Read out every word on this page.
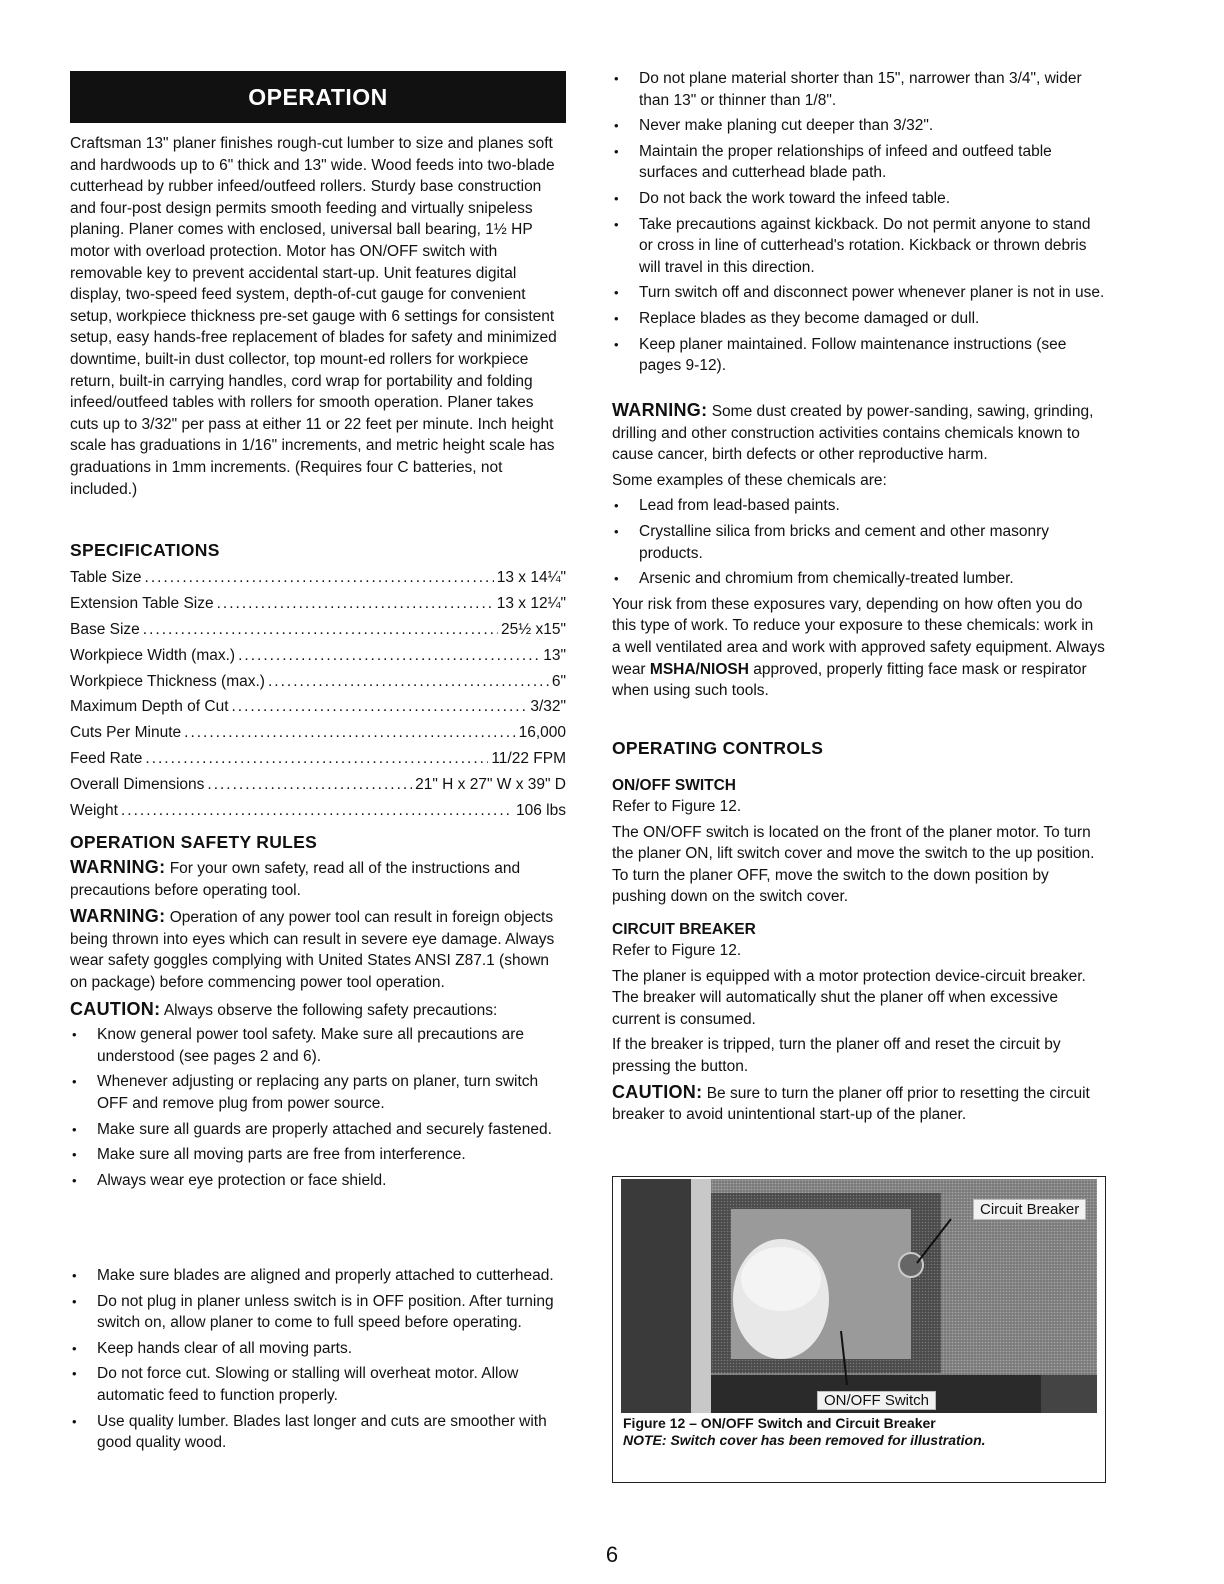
OPERATION

Craftsman 13" planer finishes rough-cut lumber to size and planes soft and hardwoods up to 6" thick and 13" wide. Wood feeds into two-blade cutterhead by rubber infeed/outfeed rollers. Sturdy base construction and four-post design permits smooth feeding and virtually snipeless planing. Planer comes with enclosed, universal ball bearing, 1½ HP motor with overload protection. Motor has ON/OFF switch with removable key to prevent accidental start-up. Unit features digital display, two-speed feed system, depth-of-cut gauge for convenient setup, workpiece thickness pre-set gauge with 6 settings for consistent setup, easy hands-free replacement of blades for safety and minimized downtime, built-in dust collector, top mount-ed rollers for workpiece return, built-in carrying handles, cord wrap for portability and folding infeed/outfeed tables with rollers for smooth operation. Planer takes cuts up to 3/32" per pass at either 11 or 22 feet per minute. Inch height scale has graduations in 1/16" increments, and metric height scale has graduations in 1mm increments. (Requires four C batteries, not included.)

SPECIFICATIONS
Table Size .....	13 x 14¼"
Extension Table Size .....	13 x 12¼"
Base Size .....	25½ x15"
Workpiece Width (max.) .....	13"
Workpiece Thickness (max.) .....	6"
Maximum Depth of Cut .....	3/32"
Cuts Per Minute .....	16,000
Feed Rate .....	11/22 FPM
Overall Dimensions .....	21" H x 27" W x 39" D
Weight .....	106 lbs
OPERATION SAFETY RULES

WARNING: For your own safety, read all of the instructions and precautions before operating tool.

WARNING: Operation of any power tool can result in foreign objects being thrown into eyes which can result in severe eye damage. Always wear safety goggles complying with United States ANSI Z87.1 (shown on package) before commencing power tool operation.

CAUTION: Always observe the following safety precautions:

• Know general power tool safety. Make sure all precautions are understood (see pages 2 and 6).
• Whenever adjusting or replacing any parts on planer, turn switch OFF and remove plug from power source.
• Make sure all guards are properly attached and securely fastened.
• Make sure all moving parts are free from interference.
• Always wear eye protection or face shield.
• Make sure blades are aligned and properly attached to cutterhead.
• Do not plug in planer unless switch is in OFF position. After turning switch on, allow planer to come to full speed before operating.
• Keep hands clear of all moving parts.
• Do not force cut. Slowing or stalling will overheat motor. Allow automatic feed to function properly.
• Use quality lumber. Blades last longer and cuts are smoother with good quality wood.
• Do not plane material shorter than 15", narrower than 3/4", wider than 13" or thinner than 1/8".
• Never make planing cut deeper than 3/32".
• Maintain the proper relationships of infeed and outfeed table surfaces and cutterhead blade path.
• Do not back the work toward the infeed table.
• Take precautions against kickback. Do not permit anyone to stand or cross in line of cutterhead's rotation. Kickback or thrown debris will travel in this direction.
• Turn switch off and disconnect power whenever planer is not in use.
• Replace blades as they become damaged or dull.
• Keep planer maintained. Follow maintenance instructions (see pages 9-12).

WARNING: Some dust created by power-sanding, sawing, grinding, drilling and other construction activities contains chemicals known to cause cancer, birth defects or other reproductive harm.

Some examples of these chemicals are:

• Lead from lead-based paints.
• Crystalline silica from bricks and cement and other masonry products.
• Arsenic and chromium from chemically-treated lumber.

Your risk from these exposures vary, depending on how often you do this type of work. To reduce your exposure to these chemicals: work in a well ventilated area and work with approved safety equipment. Always wear MSHA/NIOSH approved, properly fitting face mask or respirator when using such tools.

OPERATING CONTROLS
ON/OFF SWITCH

Refer to Figure 12.

The ON/OFF switch is located on the front of the planer motor. To turn the planer ON, lift switch cover and move the switch to the up position. To turn the planer OFF, move the switch to the down position by pushing down on the switch cover.

CIRCUIT BREAKER

Refer to Figure 12.

The planer is equipped with a motor protection device-circuit breaker. The breaker will automatically shut the planer off when excessive current is consumed.

If the breaker is tripped, turn the planer off and reset the circuit by pressing the button.

CAUTION: Be sure to turn the planer off prior to resetting the circuit breaker to avoid unintentional start-up of the planer.

Circuit Breaker
ON/OFF Switch
Figure 12 – ON/OFF Switch and Circuit Breaker
NOTE: Switch cover has been removed for illustration.
6
